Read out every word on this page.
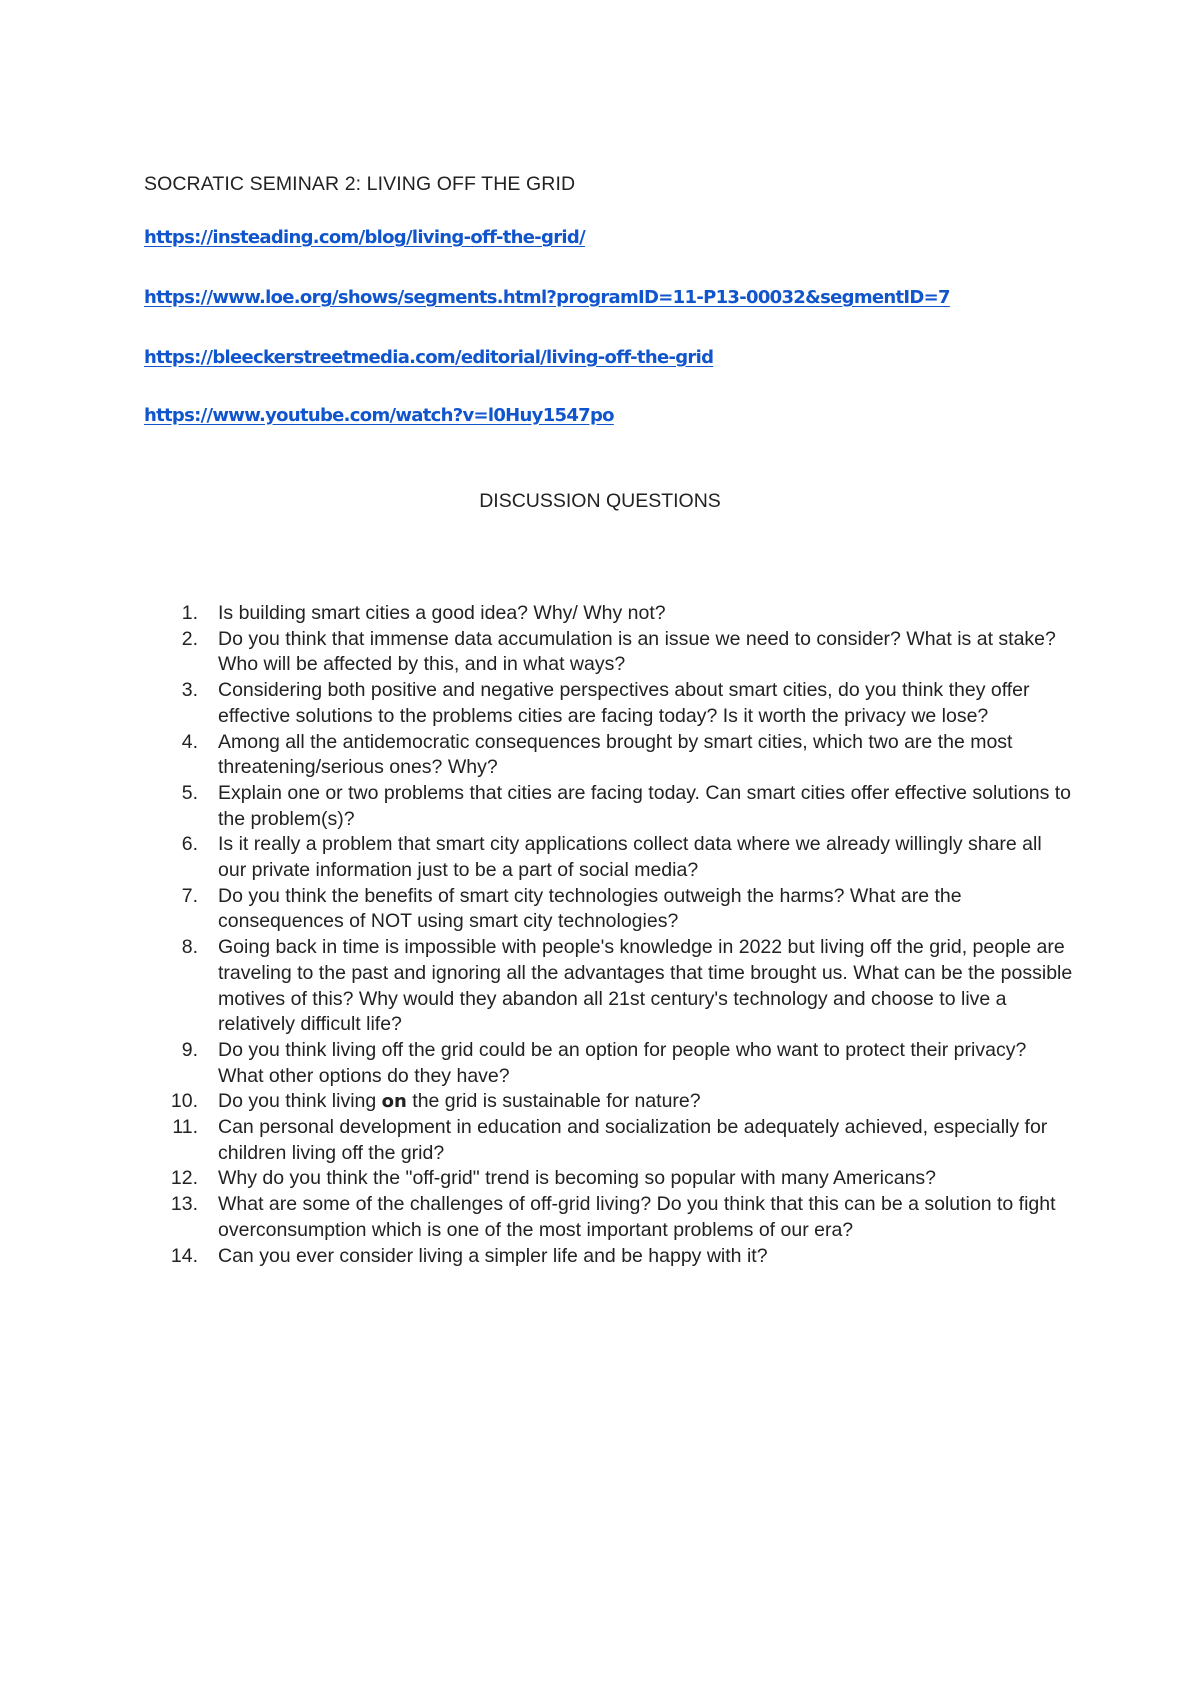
SOCRATIC SEMINAR 2: LIVING OFF THE GRID
https://insteading.com/blog/living-off-the-grid/
https://www.loe.org/shows/segments.html?programID=11-P13-00032&segmentID=7
https://bleeckerstreetmedia.com/editorial/living-off-the-grid
https://www.youtube.com/watch?v=l0Huy1547po
DISCUSSION QUESTIONS
1. Is building smart cities a good idea? Why/ Why not?
2. Do you think that immense data accumulation is an issue we need to consider? What is at stake? Who will be affected by this, and in what ways?
3. Considering both positive and negative perspectives about smart cities, do you think they offer effective solutions to the problems cities are facing today? Is it worth the privacy we lose?
4. Among all the antidemocratic consequences brought by smart cities, which two are the most threatening/serious ones? Why?
5. Explain one or two problems that cities are facing today. Can smart cities offer effective solutions to the problem(s)?
6. Is it really a problem that smart city applications collect data where we already willingly share all our private information just to be a part of social media?
7. Do you think the benefits of smart city technologies outweigh the harms? What are the consequences of NOT using smart city technologies?
8. Going back in time is impossible with people's knowledge in 2022 but living off the grid, people are traveling to the past and ignoring all the advantages that time brought us. What can be the possible motives of this? Why would they abandon all 21st century's technology and choose to live a relatively difficult life?
9. Do you think living off the grid could be an option for people who want to protect their privacy? What other options do they have?
10. Do you think living on the grid is sustainable for nature?
11. Can personal development in education and socialization be adequately achieved, especially for children living off the grid?
12. Why do you think the "off-grid" trend is becoming so popular with many Americans?
13. What are some of the challenges of off-grid living? Do you think that this can be a solution to fight overconsumption which is one of the most important problems of our era?
14. Can you ever consider living a simpler life and be happy with it?
